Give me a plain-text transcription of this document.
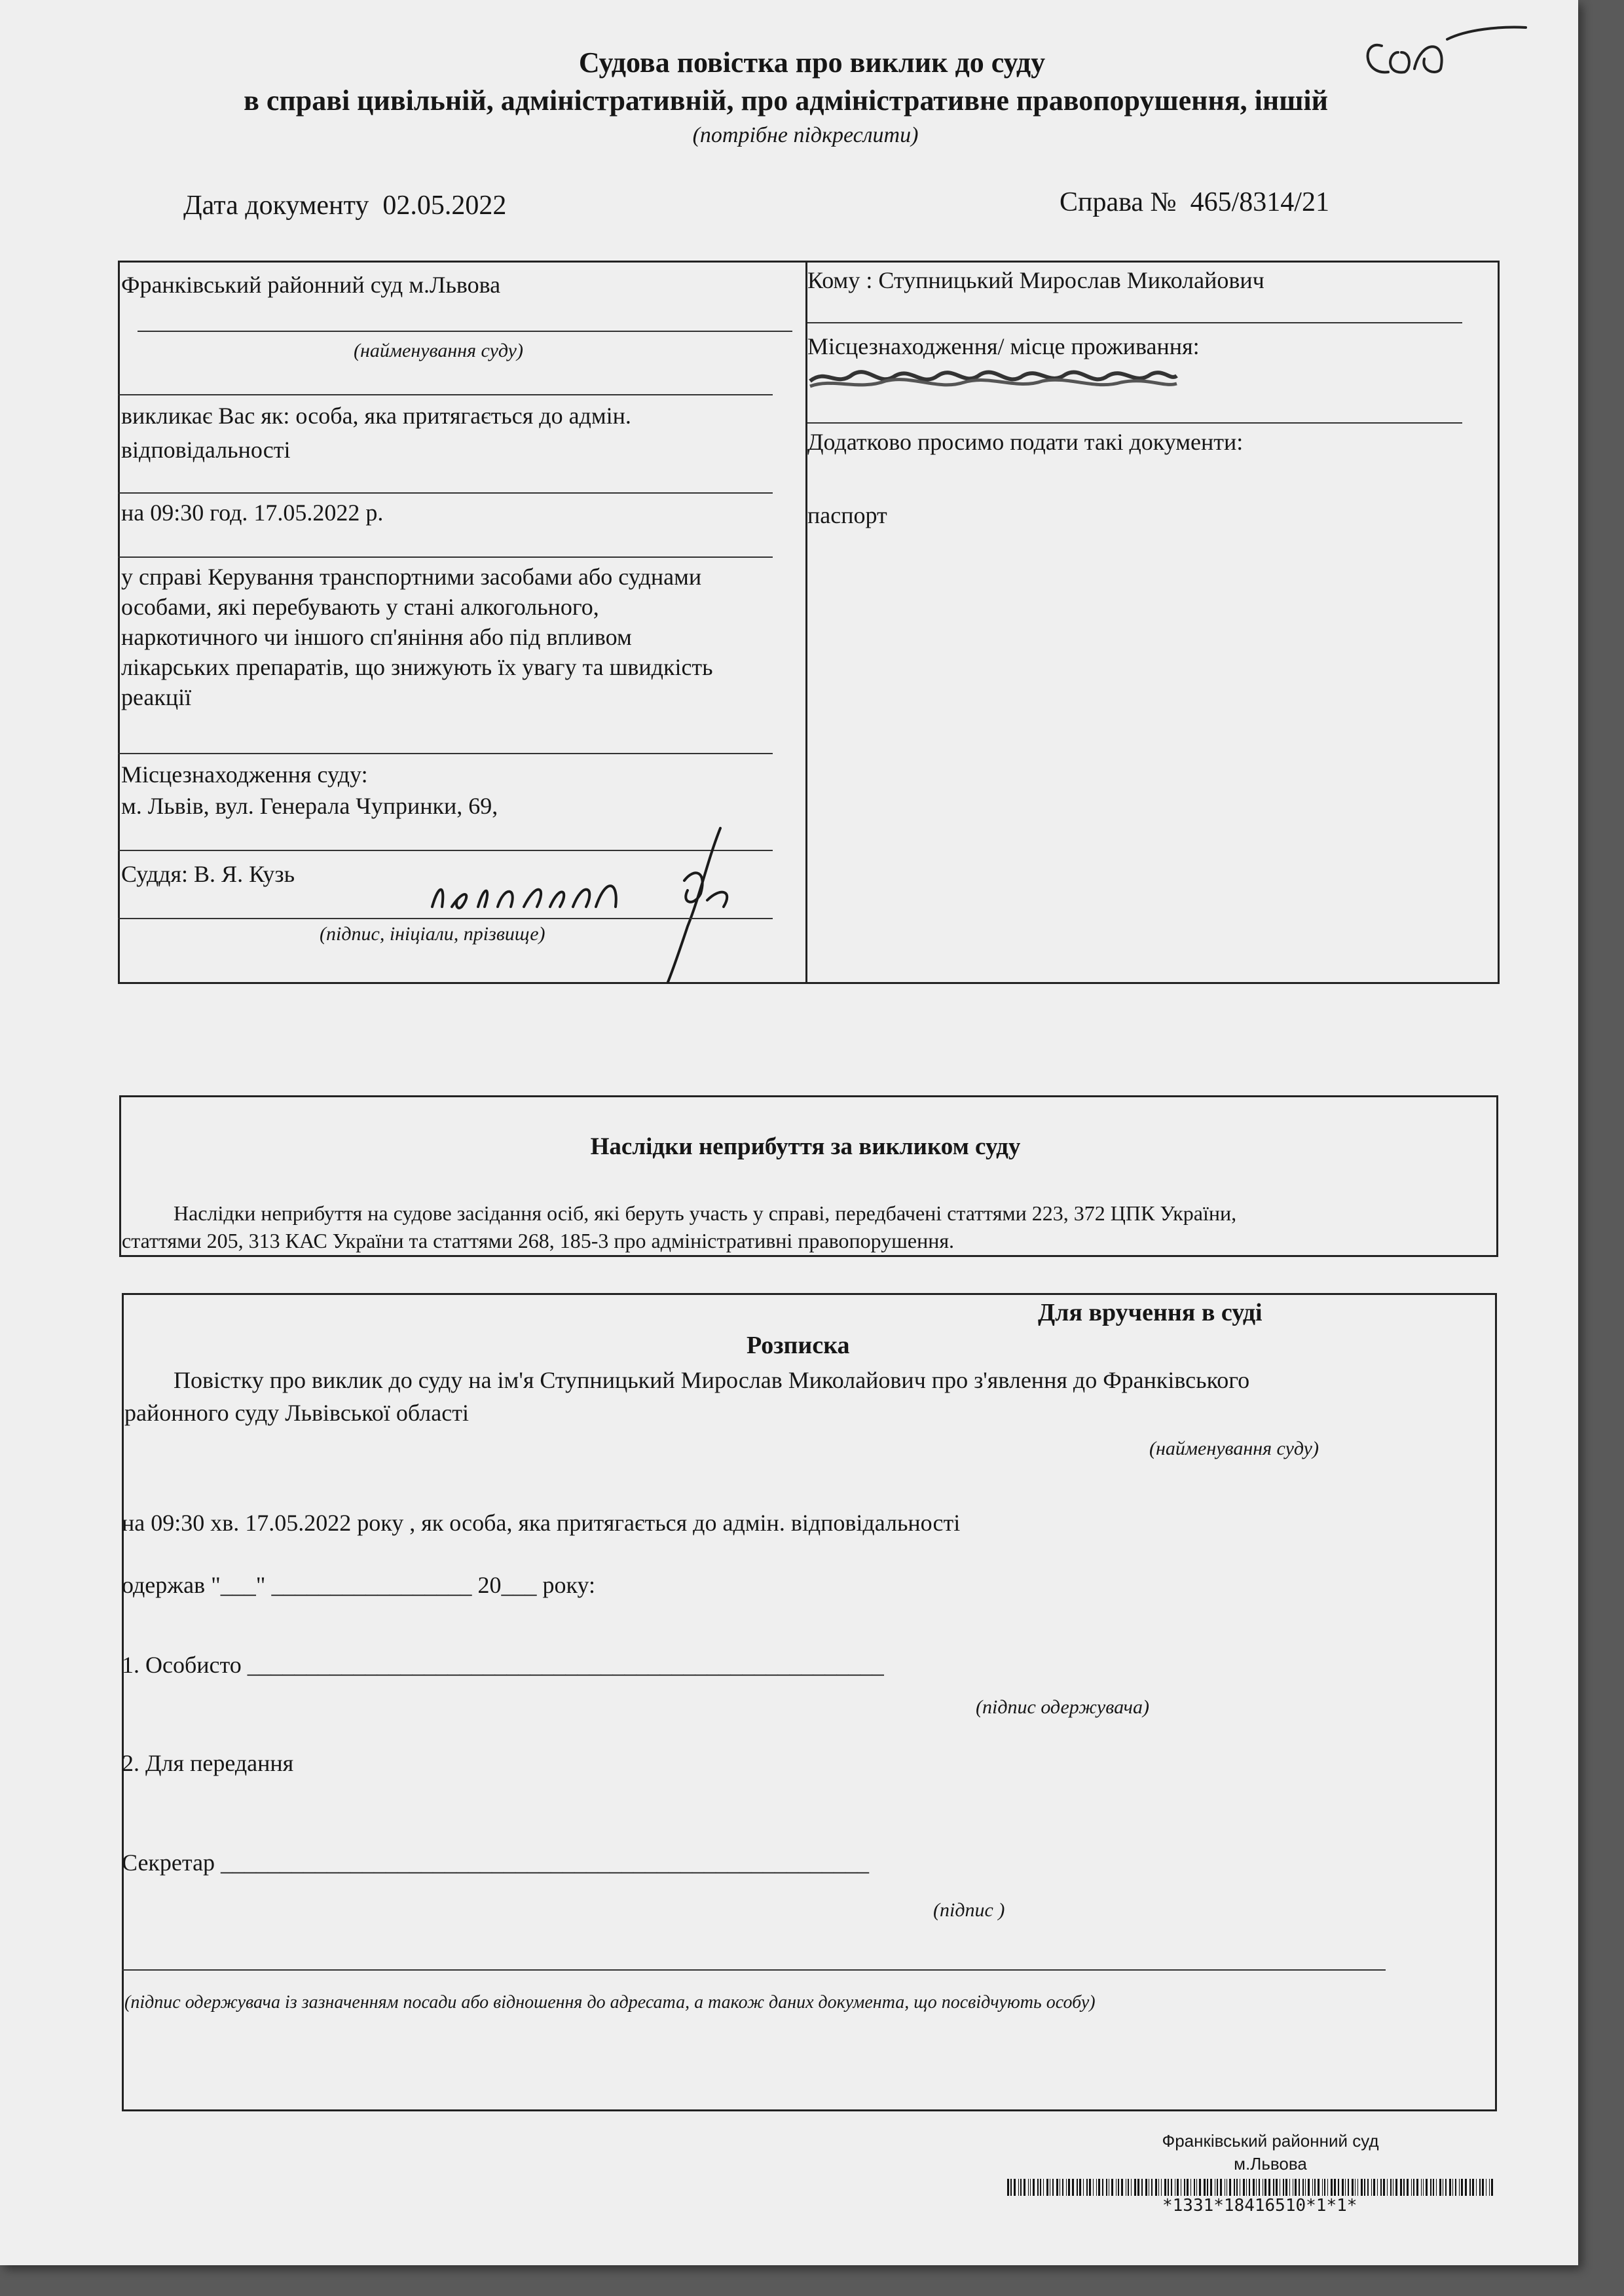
Судова повістка про виклик до суду
в справі цивільній, адміністративній, про адміністративне правопорушення, іншій
(потрібне підкреслити)
Дата документу 02.05.2022	Справа № 465/8314/21
Франківський районний суд м.Львова
(найменування суду)
викликає Вас як: особа, яка притягається до адмін.
відповідальності
на 09:30 год. 17.05.2022 р.
у справі Керування транспортними засобами або суднами
особами, які перебувають у стані алкогольного,
наркотичного чи іншого сп'яніння або під впливом
лікарських препаратів, що знижують їх увагу та швидкість
реакції
Місцезнаходження суду:
м. Львів, вул. Генерала Чупринки, 69,
Суддя: В. Я. Кузь
(підпис, ініціали, прізвище)
Кому : Ступницький Мирослав Миколайович
Місцезнаходження/ місце проживання:
Додатково просимо подати такі документи:
паспорт
Наслідки неприбуття за викликом суду
Наслідки неприбуття на судове засідання осіб, які беруть участь у справі, передбачені статтями 223, 372 ЦПК України,
статтями 205, 313 КАС України та статтями 268, 185-3 про адміністративні правопорушення.
Для вручення в суді
Розписка
Повістку про виклик до суду на ім'я Ступницький Мирослав Миколайович про з'явлення до Франківського
районного суду Львівської області
(найменування суду)
на 09:30 хв. 17.05.2022 року , як особа, яка притягається до адмін. відповідальності
одержав "___" _________________ 20___ року:
1. Особисто ______________________________________________________
(підпис одержувача)
2. Для передання
Секретар _______________________________________________________
(підпис )
(підпис одержувача із зазначенням посади або відношення до адресата, а також даних документа, що посвідчують особу)
Франківський районний суд
м.Львова
*1331*18416510*1*1*
